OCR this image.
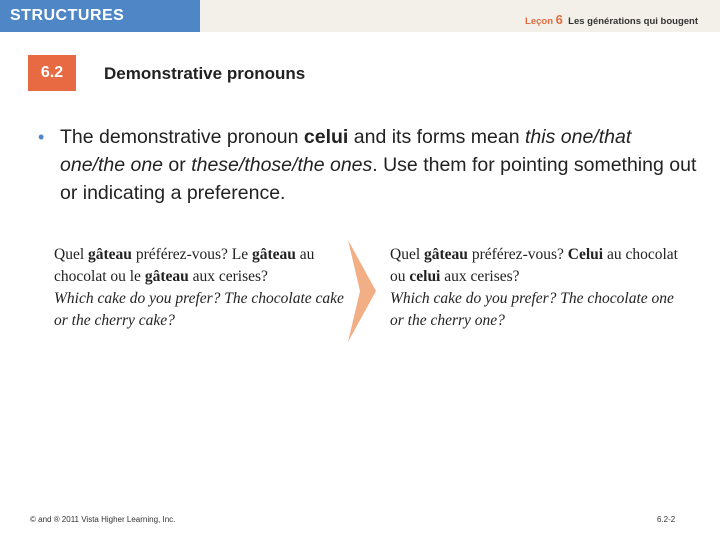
STRUCTURES	Leçon 6 Les générations qui bougent
6.2 Demonstrative pronouns
• The demonstrative pronoun celui and its forms mean this one/that one/the one or these/those/the ones. Use them for pointing something out or indicating a preference.
Quel gâteau préférez-vous? Le gâteau au chocolat ou le gâteau aux cerises?
Which cake do you prefer? The chocolate cake or the cherry cake?
Quel gâteau préférez-vous? Celui au chocolat ou celui aux cerises?
Which cake do you prefer? The chocolate one or the cherry one?
© and ® 2011 Vista Higher Learning, Inc.	6.2-2
